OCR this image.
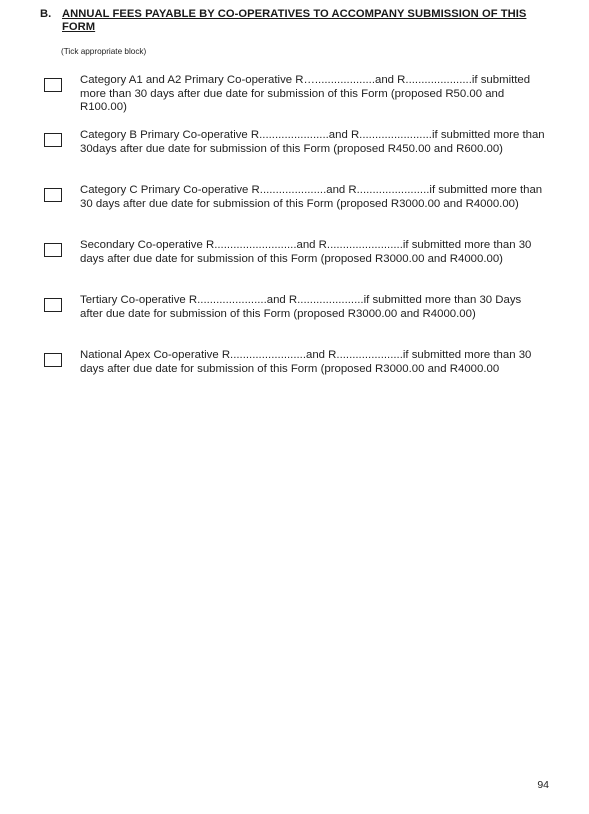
B. ANNUAL FEES PAYABLE BY CO-OPERATIVES TO ACCOMPANY SUBMISSION OF THIS FORM
(Tick appropriate block)
Category A1 and A2 Primary Co-operative R…...................and R.....................if submitted more than 30 days after due date for submission of this Form (proposed R50.00 and R100.00)
Category B Primary Co-operative R......................and R.......................if submitted more than 30days after due date for submission of this Form (proposed R450.00 and R600.00)
Category C Primary Co-operative R.....................and R.......................if submitted more than 30 days after due date for submission of this Form (proposed R3000.00 and R4000.00)
Secondary Co-operative R..........................and R........................if submitted more than 30 days after due date for submission of this Form (proposed R3000.00 and R4000.00)
Tertiary Co-operative R......................and R.....................if submitted more than 30 Days after due date for submission of this Form (proposed R3000.00 and R4000.00)
National Apex Co-operative R........................and R.....................if submitted more than 30 days after due date for submission of this Form (proposed R3000.00 and R4000.00
94
